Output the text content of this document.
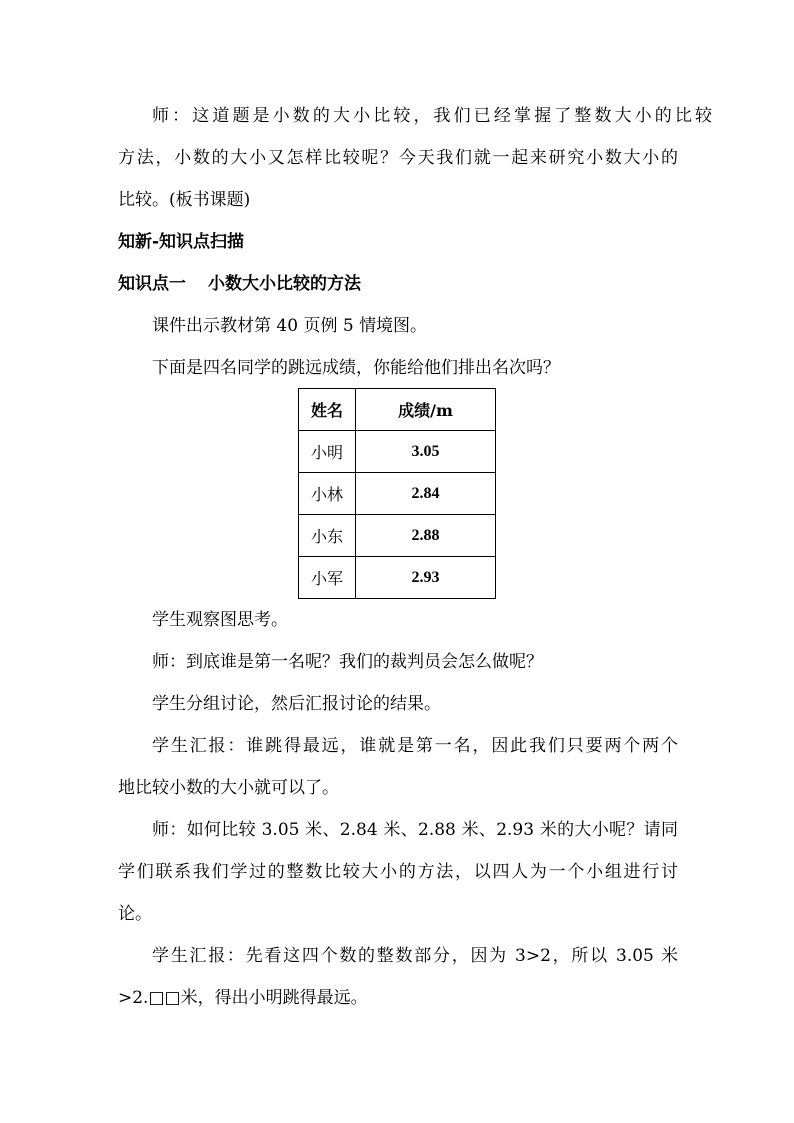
师：这道题是小数的大小比较，我们已经掌握了整数大小的比较
方法，小数的大小又怎样比较呢？今天我们就一起来研究小数大小的
比较。(板书课题)
知新-知识点扫描
知识点一 小数大小比较的方法
课件出示教材第 40 页例 5 情境图。
下面是四名同学的跳远成绩，你能给他们排出名次吗？
姓名	成绩/m
小明	3.05
小林	2.84
小东	2.88
小军	2.93
学生观察图思考。
师：到底谁是第一名呢？我们的裁判员会怎么做呢？
学生分组讨论，然后汇报讨论的结果。
学生汇报：谁跳得最远，谁就是第一名，因此我们只要两个两个
地比较小数的大小就可以了。
师：如何比较 3.05 米、2.84 米、2.88 米、2.93 米的大小呢？请同
学们联系我们学过的整数比较大小的方法，以四人为一个小组进行讨
论。
学生汇报：先看这四个数的整数部分，因为 3>2，所以 3.05 米
>2.□□米，得出小明跳得最远。
